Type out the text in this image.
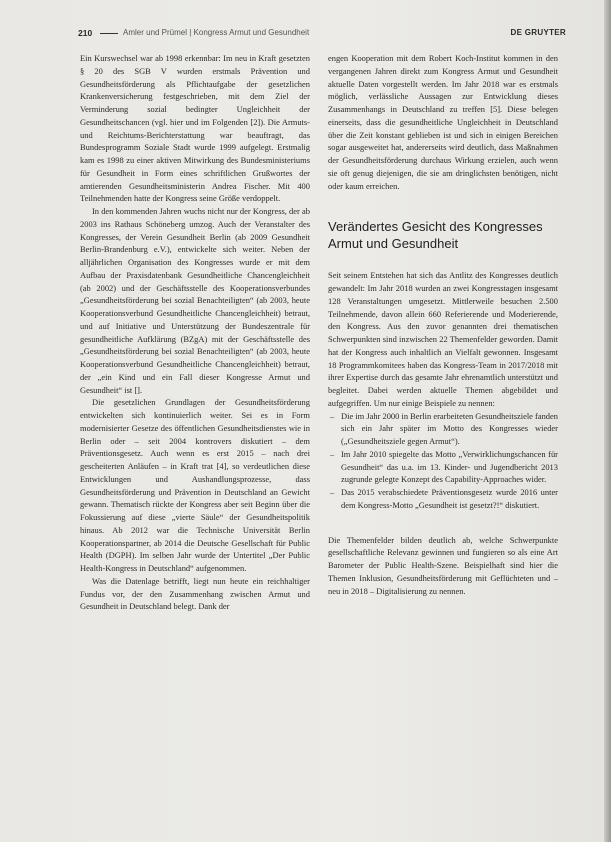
210	Amler und Prümel | Kongress Armut und Gesundheit	DE GRUYTER

Ein Kurswechsel war ab 1998 erkennbar: Im neu in Kraft gesetzten § 20 des SGB V wurden erstmals Prävention und Gesundheitsförderung als Pflichtaufgabe der gesetzlichen Krankenversicherung festgeschrieben, mit dem Ziel der Verminderung sozial bedingter Ungleichheit der Gesundheitschancen (vgl. hier und im Folgenden [2]). Die Armuts- und Reichtums-Berichterstattung war beauftragt, das Bundesprogramm Soziale Stadt wurde 1999 aufgelegt. Erstmalig kam es 1998 zu einer aktiven Mitwirkung des Bundesministeriums für Gesundheit in Form eines schriftlichen Grußwortes der amtierenden Gesundheitsministerin Andrea Fischer. Mit 400 Teilnehmenden hatte der Kongress seine Größe verdoppelt.

In den kommenden Jahren wuchs nicht nur der Kongress, der ab 2003 ins Rathaus Schöneberg umzog. Auch der Veranstalter des Kongresses, der Verein Gesundheit Berlin (ab 2009 Gesundheit Berlin-Brandenburg e.V.), entwickelte sich weiter. Neben der alljährlichen Organisation des Kongresses wurde er mit dem Aufbau der Praxisdatenbank Gesundheitliche Chancengleichheit (ab 2002) und der Geschäftsstelle des Kooperationsverbundes „Gesundheitsförderung bei sozial Benachteiligten“ (ab 2003, heute Kooperationsverbund Gesundheitliche Chancengleichheit) betraut, und auf Initiative und Unterstützung der Bundeszentrale für gesundheitliche Aufklärung (BZgA) mit der Geschäftsstelle des „Gesundheitsförderung bei sozial Benachteiligten“ (ab 2003, heute Kooperationsverbund Gesundheitliche Chancengleichheit) betraut, der „ein Kind und ein Fall dieser Kongresse Armut und Gesundheit“ ist [].

Die gesetzlichen Grundlagen der Gesundheitsförderung entwickelten sich kontinuierlich weiter. Sei es in Form modernisierter Gesetze des öffentlichen Gesundheitsdienstes wie in Berlin oder – seit 2004 kontrovers diskutiert – dem Präventionsgesetz. Auch wenn es erst 2015 – nach drei gescheiterten Anläufen – in Kraft trat [4], so verdeutlichen diese Entwicklungen und Aushandlungsprozesse, dass Gesundheitsförderung und Prävention in Deutschland an Gewicht gewann. Thematisch rückte der Kongress aber seit Beginn über die Fokussierung auf diese „vierte Säule“ der Gesundheitspolitik hinaus. Ab 2012 war die Technische Universität Berlin Kooperationspartner, ab 2014 die Deutsche Gesellschaft für Public Health (DGPH). Im selben Jahr wurde der Untertitel „Der Public Health-Kongress in Deutschland“ aufgenommen.

Was die Datenlage betrifft, liegt nun heute ein reichhaltiger Fundus vor, der den Zusammenhang zwischen Armut und Gesundheit in Deutschland belegt. Dank der

engen Kooperation mit dem Robert Koch-Institut kommen in den vergangenen Jahren direkt zum Kongress Armut und Gesundheit aktuelle Daten vorgestellt werden. Im Jahr 2018 war es erstmals möglich, verlässliche Aussagen zur Entwicklung dieses Zusammenhangs in Deutschland zu treffen [5]. Diese belegen einerseits, dass die gesundheitliche Ungleichheit in Deutschland über die Zeit konstant geblieben ist und sich in einigen Bereichen sogar ausgeweitet hat, andererseits wird deutlich, dass Maßnahmen der Gesundheitsförderung durchaus Wirkung erzielen, auch wenn sie oft genug diejenigen, die sie am dringlichsten benötigen, nicht oder kaum erreichen.

Verändertes Gesicht des Kongresses Armut und Gesundheit

Seit seinem Entstehen hat sich das Antlitz des Kongresses deutlich gewandelt: Im Jahr 2018 wurden an zwei Kongresstagen insgesamt 128 Veranstaltungen umgesetzt. Mittlerweile besuchen 2.500 Teilnehmende, davon allein 660 Referierende und Moderierende, den Kongress. Aus den zuvor genannten drei thematischen Schwerpunkten sind inzwischen 22 Themenfelder geworden. Damit hat der Kongress auch inhaltlich an Vielfalt gewonnen. Insgesamt 18 Programmkomitees haben das Kongress-Team in 2017/2018 mit ihrer Expertise durch das gesamte Jahr ehrenamtlich unterstützt und begleitet. Dabei werden aktuelle Themen abgebildet und aufgegriffen. Um nur einige Beispiele zu nennen:

– Die im Jahr 2000 in Berlin erarbeiteten Gesundheitsziele fanden sich ein Jahr später im Motto des Kongresses wieder („Gesundheitsziele gegen Armut“).
– Im Jahr 2010 spiegelte das Motto „Verwirklichungschancen für Gesundheit“ das u.a. im 13. Kinder- und Jugendbericht 2013 zugrunde gelegte Konzept des Capability-Approaches wider.
– Das 2015 verabschiedete Präventionsgesetz wurde 2016 unter dem Kongress-Motto „Gesundheit ist gesetzt?!“ diskutiert.

Die Themenfelder bilden deutlich ab, welche Schwerpunkte gesellschaftliche Relevanz gewinnen und fungieren so als eine Art Barometer der Public Health-Szene. Beispielhaft sind hier die Themen Inklusion, Gesundheitsförderung mit Geflüchteten und – neu in 2018 – Digitalisierung zu nennen.
